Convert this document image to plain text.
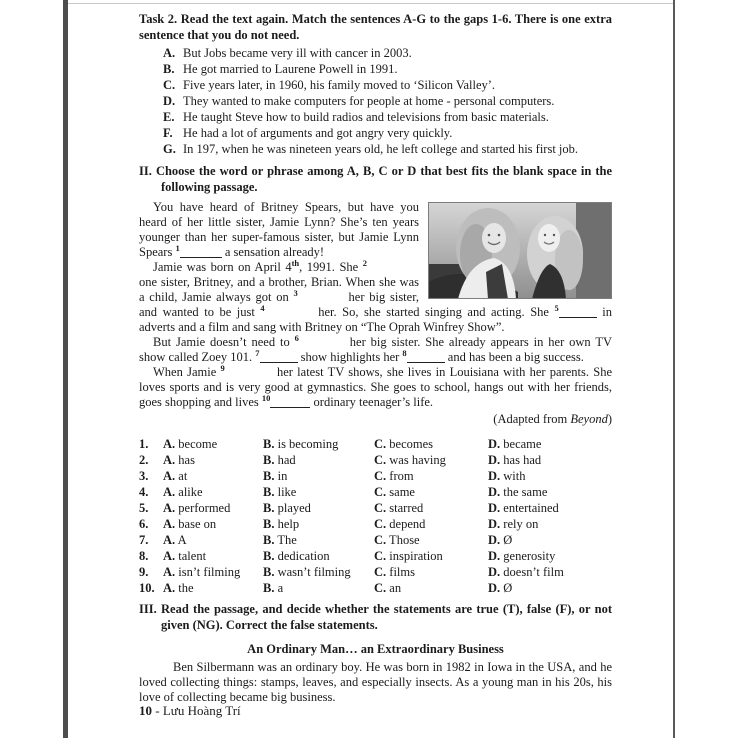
Task 2. Read the text again. Match the sentences A-G to the gaps 1-6. There is one extra sentence that you do not need.
A. But Jobs became very ill with cancer in 2003.
B. He got married to Laurene Powell in 1991.
C. Five years later, in 1960, his family moved to ‘Silicon Valley’.
D. They wanted to make computers for people at home - personal computers.
E. He taught Steve how to build radios and televisions from basic materials.
F. He had a lot of arguments and got angry very quickly.
G. In 197, when he was nineteen years old, he left college and started his first job.
II. Choose the word or phrase among A, B, C or D that best fits the blank space in the following passage.

You have heard of Britney Spears, but have you heard of her little sister, Jamie Lynn? She’s ten years younger than her super-famous sister, but Jamie Lynn Spears $^1$	a sensation already!

Jamie was born on April 4th, 1991. She $^2$ one sister, Britney, and a brother, Brian. When she was a child, Jamie always got on $^3$	her big sister, and wanted to be just $^4$	her. So, she started singing and acting. She $^5$	in adverts and a film and sang with Britney on “The Oprah Winfrey Show”.

But Jamie doesn’t need to $^6$	her big sister. She already appears in her own TV show called Zoey 101. $^7$	show highlights her $^8$	and has been a big success.

When Jamie $^9$	her latest TV shows, she lives in Louisiana with her parents. She loves sports and is very good at gymnastics. She goes to school, hangs out with her friends, goes shopping and lives $^{10}$	ordinary teenager’s life.

(Adapted from Beyond)
1.	A. become	B. is becoming	C. becomes	D. became
2.	A. has	B. had	C. was having	D. has had
3.	A. at	B. in	C. from	D. with
4.	A. alike	B. like	C. same	D. the same
5.	A. performed	B. played	C. starred	D. entertained
6.	A. base on	B. help	C. depend	D. rely on
7.	A. A	B. The	C. Those	D. Ø
8.	A. talent	B. dedication	C. inspiration	D. generosity
9.	A. isn’t filming	B. wasn’t filming	C. films	D. doesn’t film
10. A. the	B. a	C. an	D. Ø
III. Read the passage, and decide whether the statements are true (T), false (F), or not given (NG). Correct the false statements.
An Ordinary Man… an Extraordinary Business

Ben Silbermann was an ordinary boy. He was born in 1982 in Iowa in the USA, and he loved collecting things: stamps, leaves, and especially insects. As a young man in his 20s, his love of collecting became big business.

10 - Lưu Hoàng Trí
